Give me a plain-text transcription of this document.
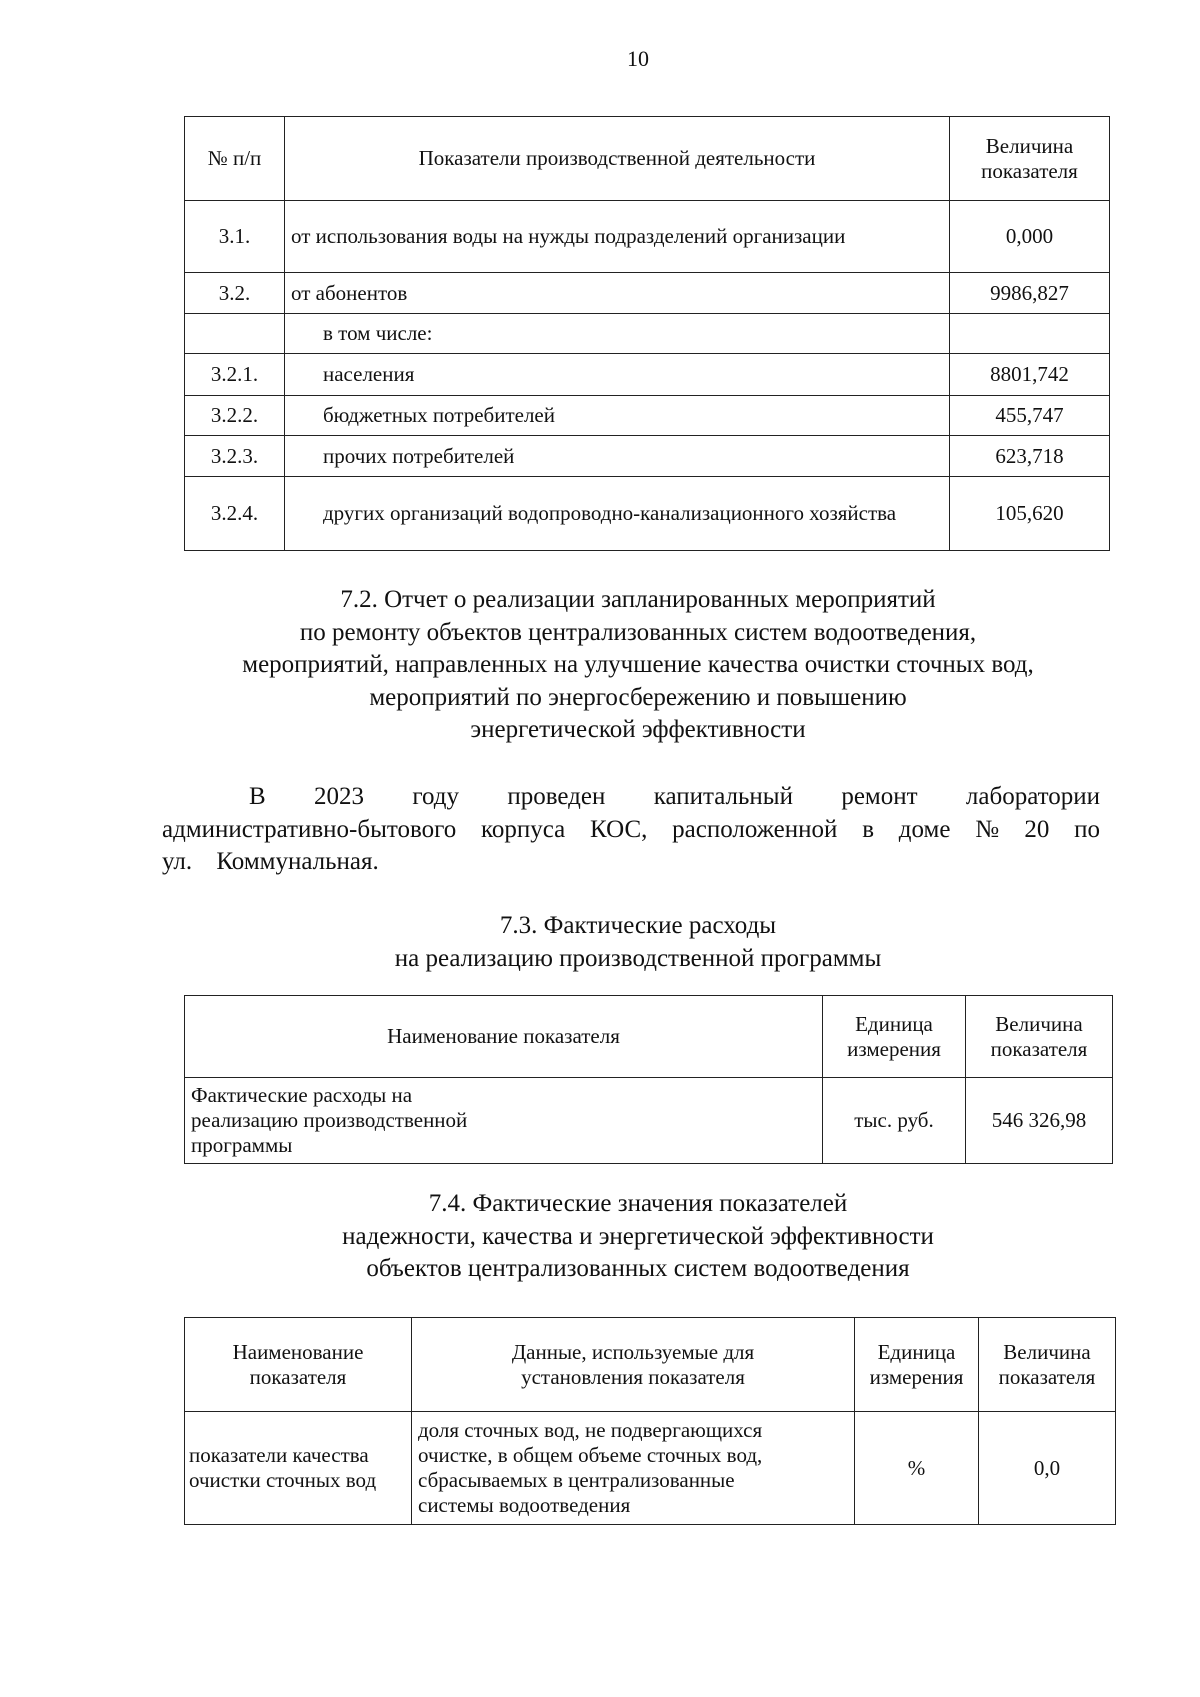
10
№ п/п	Показатели производственной деятельности	Величина показателя
3.1.	от использования воды на нужды подразделений организации	0,000
3.2.	от абонентов	9986,827
	в том числе:	
3.2.1.	населения	8801,742
3.2.2.	бюджетных потребителей	455,747
3.2.3.	прочих потребителей	623,718
3.2.4.	других организаций водопроводно-канализационного хозяйства	105,620
7.2. Отчет о реализации запланированных мероприятий
по ремонту объектов централизованных систем водоотведения,
мероприятий, направленных на улучшение качества очистки сточных вод,
мероприятий по энергосбережению и повышению
энергетической эффективности
В 2023 году проведен капитальный ремонт лаборатории административно-бытового корпуса КОС, расположенной в доме № 20 по ул. Коммунальная.
7.3. Фактические расходы
на реализацию производственной программы
Наименование показателя	Единица измерения	Величина показателя
Фактические расходы на реализацию производственной программы	тыс. руб.	546 326,98
7.4. Фактические значения показателей
надежности, качества и энергетической эффективности
объектов централизованных систем водоотведения
Наименование показателя	Данные, используемые для установления показателя	Единица измерения	Величина показателя
показатели качества очистки сточных вод	доля сточных вод, не подвергающихся очистке, в общем объеме сточных вод, сбрасываемых в централизованные системы водоотведения	%	0,0
